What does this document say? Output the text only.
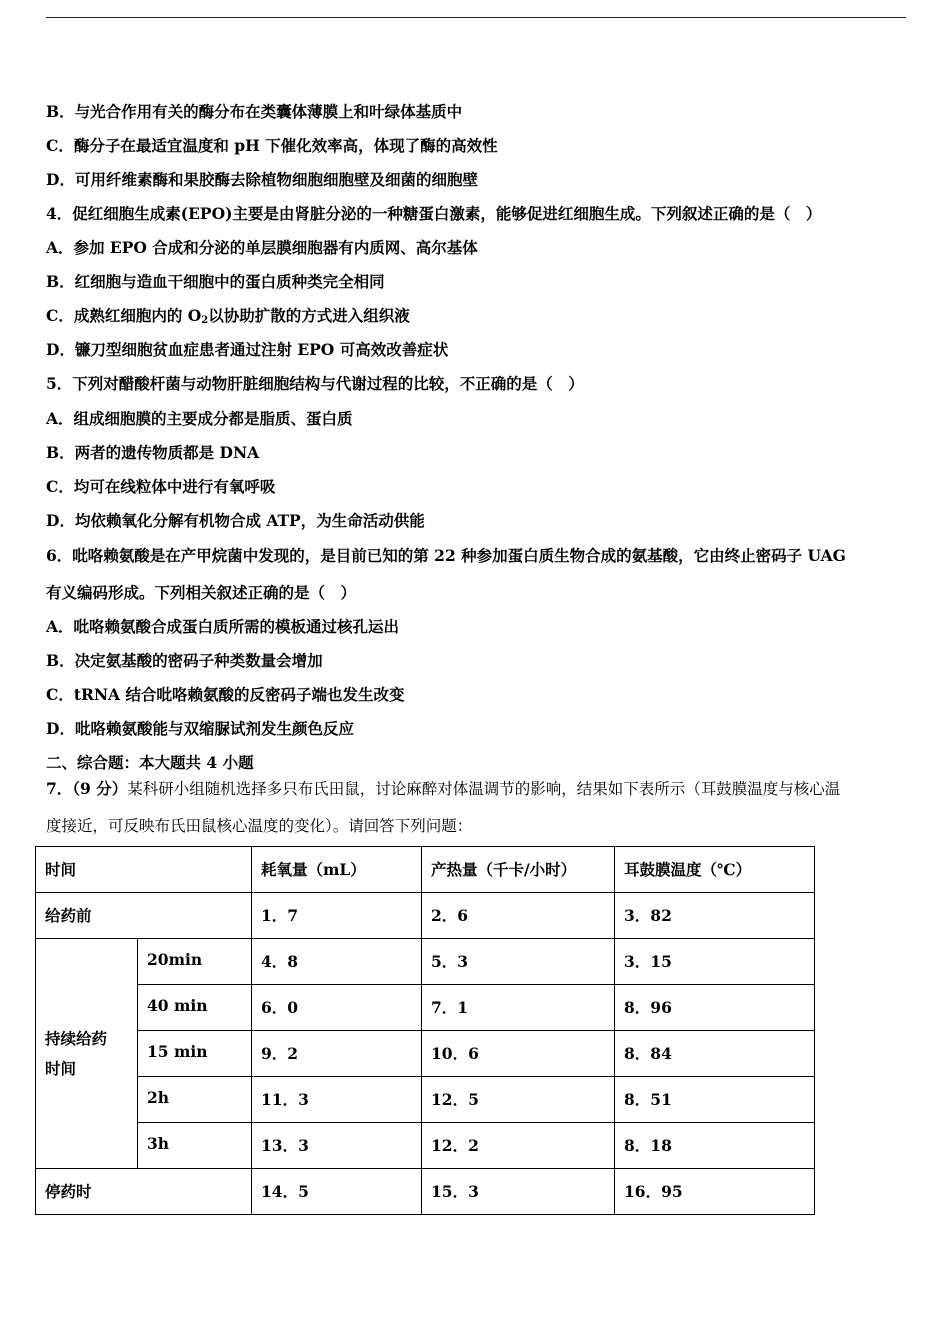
B．与光合作用有关的酶分布在类囊体薄膜上和叶绿体基质中
C．酶分子在最适宜温度和 pH 下催化效率高，体现了酶的高效性
D．可用纤维素酶和果胶酶去除植物细胞细胞壁及细菌的细胞壁
4．促红细胞生成素(EPO)主要是由肾脏分泌的一种糖蛋白激素，能够促进红细胞生成。下列叙述正确的是（　）
A．参加 EPO 合成和分泌的单层膜细胞器有内质网、高尔基体
B．红细胞与造血干细胞中的蛋白质种类完全相同
C．成熟红细胞内的 $O_2$以协助扩散的方式进入组织液
D．镰刀型细胞贫血症患者通过注射 EPO 可高效改善症状
5．下列对醋酸杆菌与动物肝脏细胞结构与代谢过程的比较，不正确的是（　）
A．组成细胞膜的主要成分都是脂质、蛋白质
B．两者的遗传物质都是 DNA
C．均可在线粒体中进行有氧呼吸
D．均依赖氧化分解有机物合成 ATP，为生命活动供能
6．吡咯赖氨酸是在产甲烷菌中发现的，是目前已知的第 22 种参加蛋白质生物合成的氨基酸，它由终止密码子 UAG
有义编码形成。下列相关叙述正确的是（　）
A．吡咯赖氨酸合成蛋白质所需的模板通过核孔运出
B．决定氨基酸的密码子种类数量会增加
C．tRNA 结合吡咯赖氨酸的反密码子端也发生改变
D．吡咯赖氨酸能与双缩脲试剂发生颜色反应
二、综合题：本大题共 4 小题
7．（9 分）某科研小组随机选择多只布氏田鼠，讨论麻醉对体温调节的影响，结果如下表所示（耳鼓膜温度与核心温
度接近，可反映布氏田鼠核心温度的变化）。请回答下列问题：
时间		耗氧量（mL）	产热量（千卡/小时）	耳鼓膜温度（℃）
给药前		1．7	2．6	3．82
持续给药
时间	20min	4．8	5．3	3．15
	40 min	6．0	7．1	8．96
	15 min	9．2	10．6	8．84
	2h	11．3	12．5	8．51
	3h	13．3	12．2	8．18
停药时		14．5	15．3	16．95
